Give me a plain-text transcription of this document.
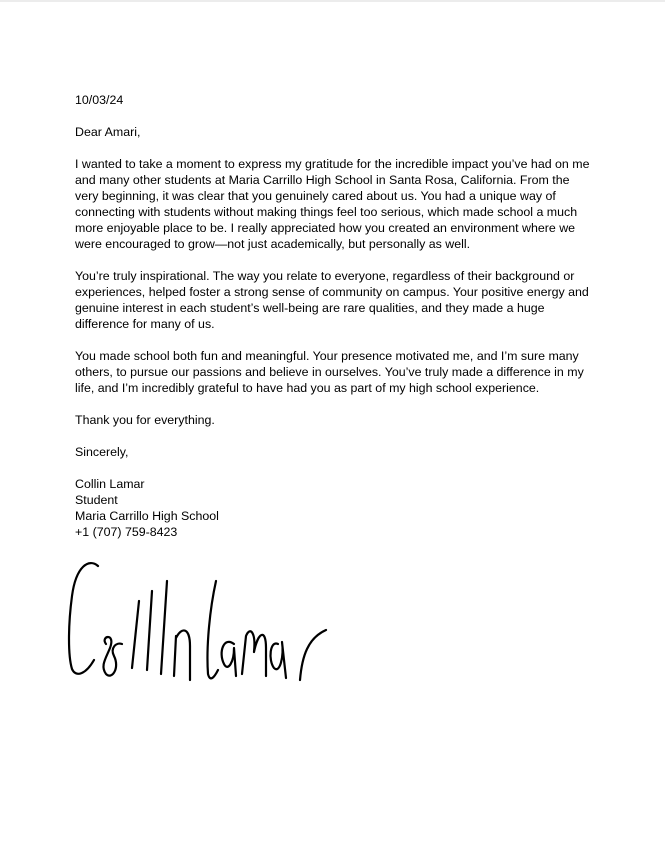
10/03/24

Dear Amari,

I wanted to take a moment to express my gratitude for the incredible impact you’ve had on me and many other students at Maria Carrillo High School in Santa Rosa, California. From the very beginning, it was clear that you genuinely cared about us. You had a unique way of connecting with students without making things feel too serious, which made school a much more enjoyable place to be. I really appreciated how you created an environment where we were encouraged to grow—not just academically, but personally as well.

You’re truly inspirational. The way you relate to everyone, regardless of their background or experiences, helped foster a strong sense of community on campus. Your positive energy and genuine interest in each student’s well-being are rare qualities, and they made a huge difference for many of us.

You made school both fun and meaningful. Your presence motivated me, and I’m sure many others, to pursue our passions and believe in ourselves. You’ve truly made a difference in my life, and I’m incredibly grateful to have had you as part of my high school experience.

Thank you for everything.

Sincerely,

Collin Lamar

Student

Maria Carrillo High School

+1 (707) 759-8423
